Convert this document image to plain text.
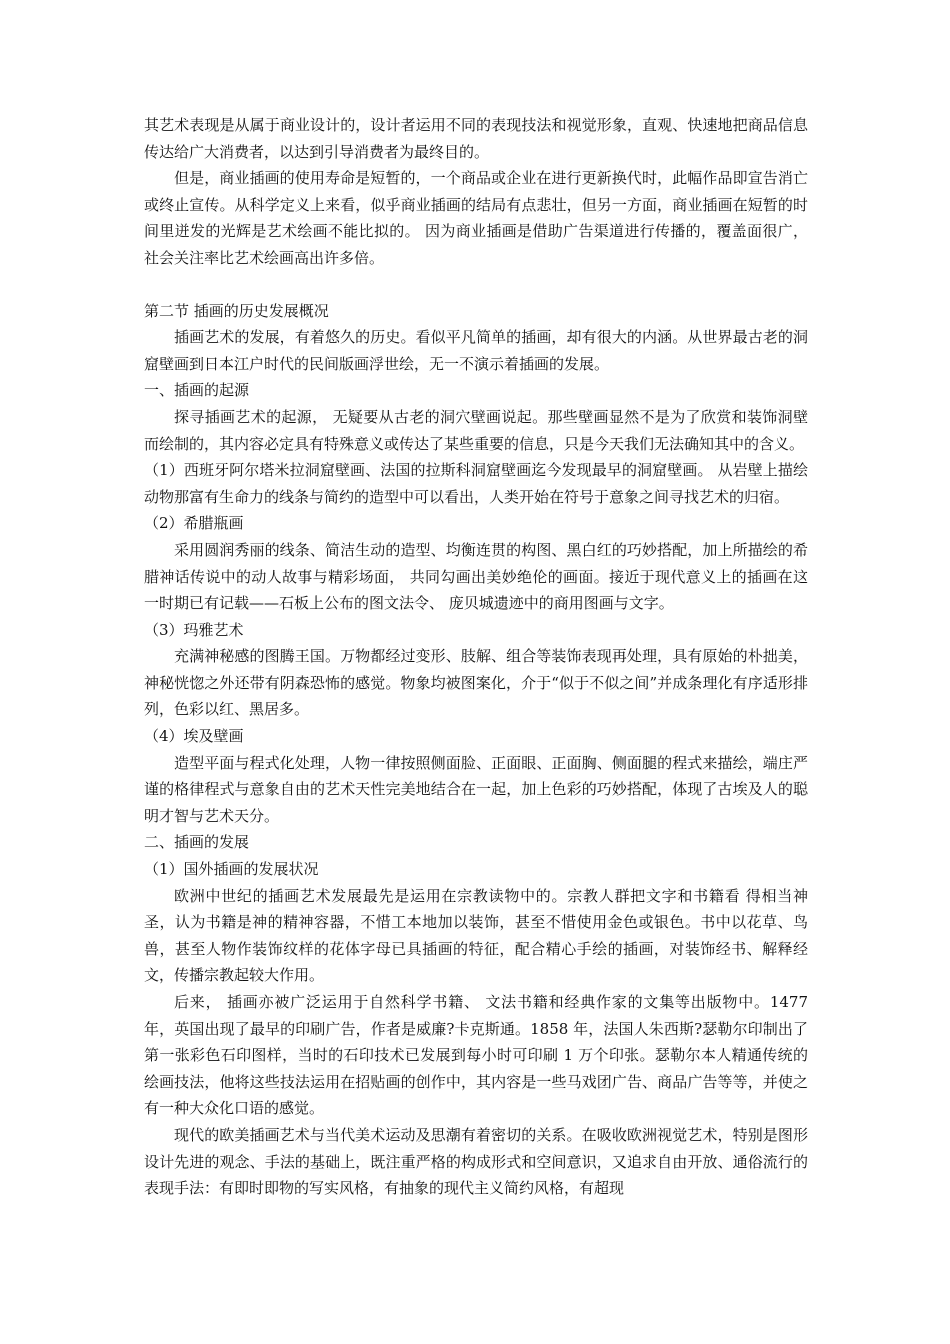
其艺术表现是从属于商业设计的，设计者运用不同的表现技法和视觉形象，直观、快速地把商品信息传达给广大消费者，以达到引导消费者为最终目的。

但是，商业插画的使用寿命是短暂的，一个商品或企业在进行更新换代时，此幅作品即宣告消亡或终止宣传。从科学定义上来看，似乎商业插画的结局有点悲壮，但另一方面，商业插画在短暂的时间里迸发的光辉是艺术绘画不能比拟的。 因为商业插画是借助广告渠道进行传播的，覆盖面很广，社会关注率比艺术绘画高出许多倍。

第二节 插画的历史发展概况

插画艺术的发展，有着悠久的历史。看似平凡简单的插画，却有很大的内涵。从世界最古老的洞窟壁画到日本江户时代的民间版画浮世绘，无一不演示着插画的发展。

一、插画的起源

探寻插画艺术的起源， 无疑要从古老的洞穴壁画说起。那些壁画显然不是为了欣赏和装饰洞壁而绘制的，其内容必定具有特殊意义或传达了某些重要的信息，只是今天我们无法确知其中的含义。

（1）西班牙阿尔塔米拉洞窟壁画、法国的拉斯科洞窟壁画迄今发现最早的洞窟壁画。 从岩壁上描绘动物那富有生命力的线条与简约的造型中可以看出，人类开始在符号于意象之间寻找艺术的归宿。

（2）希腊瓶画

采用圆润秀丽的线条、简洁生动的造型、均衡连贯的构图、黑白红的巧妙搭配，加上所描绘的希腊神话传说中的动人故事与精彩场面， 共同勾画出美妙绝伦的画面。接近于现代意义上的插画在这一时期已有记载——石板上公布的图文法令、 庞贝城遗迹中的商用图画与文字。

（3）玛雅艺术

充满神秘感的图腾王国。万物都经过变形、肢解、组合等装饰表现再处理，具有原始的朴拙美，神秘恍惚之外还带有阴森恐怖的感觉。物象均被图案化，介于“似于不似之间”并成条理化有序适形排列，色彩以红、黑居多。

（4）埃及壁画

造型平面与程式化处理，人物一律按照侧面脸、正面眼、正面胸、侧面腿的程式来描绘，端庄严谨的格律程式与意象自由的艺术天性完美地结合在一起，加上色彩的巧妙搭配，体现了古埃及人的聪明才智与艺术天分。

二、插画的发展

（1）国外插画的发展状况

欧洲中世纪的插画艺术发展最先是运用在宗教读物中的。宗教人群把文字和书籍看 得相当神圣，认为书籍是神的精神容器，不惜工本地加以装饰，甚至不惜使用金色或银色。书中以花草、鸟兽，甚至人物作装饰纹样的花体字母已具插画的特征，配合精心手绘的插画，对装饰经书、解释经文，传播宗教起较大作用。

后来， 插画亦被广泛运用于自然科学书籍、 文法书籍和经典作家的文集等出版物中。1477 年，英国出现了最早的印刷广告，作者是威廉?卡克斯通。1858 年，法国人朱西斯?瑟勒尔印制出了第一张彩色石印图样，当时的石印技术已发展到每小时可印刷 1 万个印张。瑟勒尔本人精通传统的绘画技法，他将这些技法运用在招贴画的创作中，其内容是一些马戏团广告、商品广告等等，并使之有一种大众化口语的感觉。

现代的欧美插画艺术与当代美术运动及思潮有着密切的关系。在吸收欧洲视觉艺术，特别是图形设计先进的观念、手法的基础上，既注重严格的构成形式和空间意识，又追求自由开放、通俗流行的表现手法：有即时即物的写实风格，有抽象的现代主义简约风格，有超现
